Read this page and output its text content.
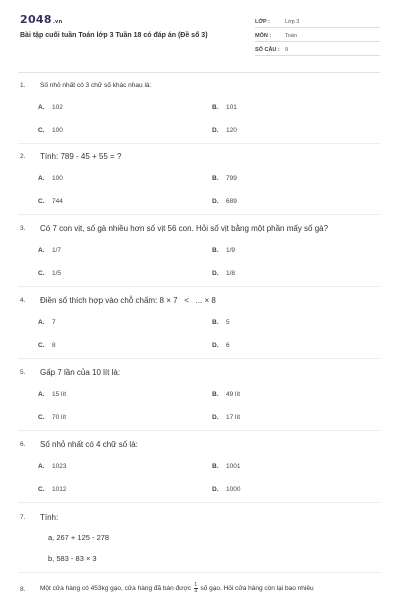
2048.vn
Bài tập cuối tuần Toán lớp 3 Tuần 18 có đáp án (Đề số 3)
LỚP :	Lớp 3
MÔN :	Toán
SỐ CÂU : 9
1. Số nhỏ nhất có 3 chữ số khác nhau là:
A. 102	B. 101
C. 100	D. 120
2. Tính: 789 - 45 + 55 = ?
A. 100	B. 799
C. 744	D. 689
3. Có 7 con vịt, số gà nhiều hơn số vịt 56 con. Hỏi số vịt bằng một phần mấy số gà?
A. 1/7	B. 1/9
C. 1/5	D. 1/8
4. Điền số thích hợp vào chỗ chấm: 8 × 7   <   ... × 8
A. 7	B. 5
C. 8	D. 6
5. Gấp 7 lần của 10 lít là:
A. 15 lít	B. 49 lít
C. 70 lít	D. 17 lít
6. Số nhỏ nhất có 4 chữ số là:
A. 1023	B. 1001
C. 1012	D. 1000
7. Tính:
a, 267 + 125 - 278
b, 583 - 83 × 3
8. Một cửa hàng có 453kg gạo, cửa hàng đã bán được $\frac{1}{3}$ số gạo. Hỏi cửa hàng còn lại bao nhiêu
